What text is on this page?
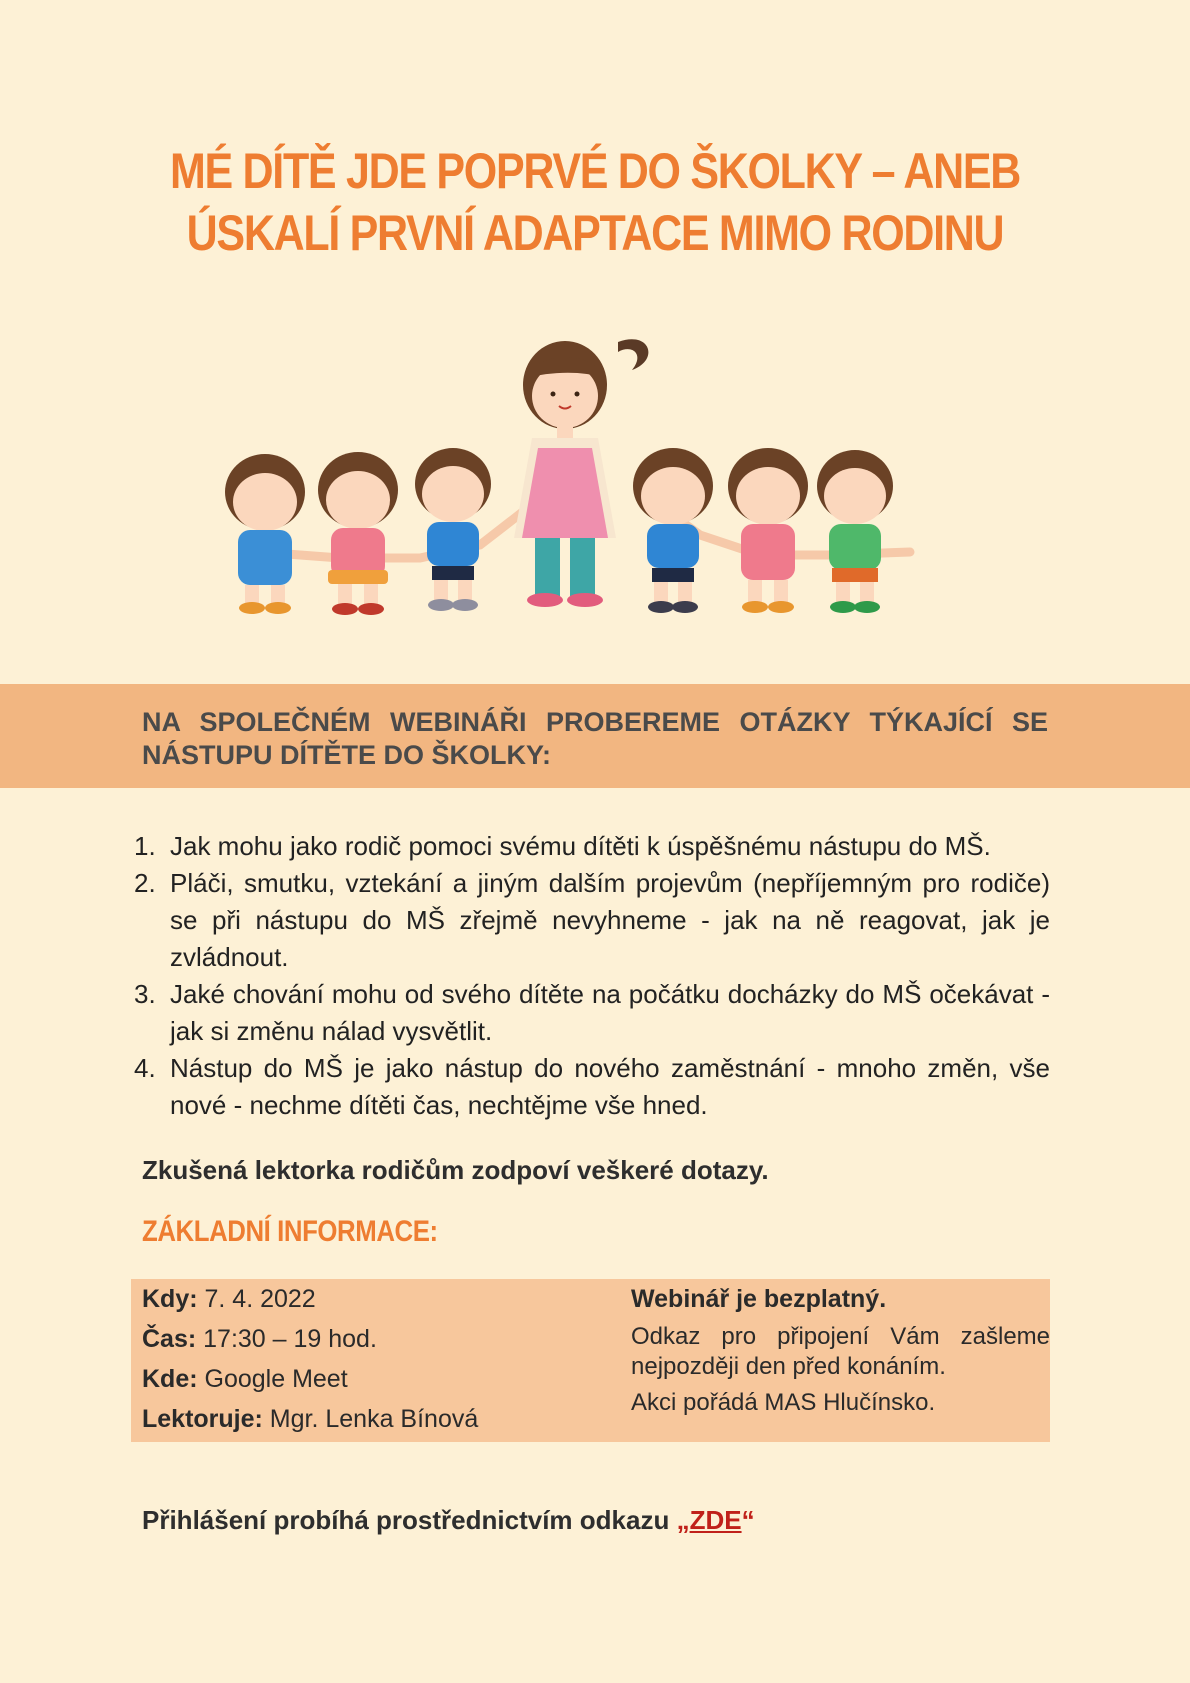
MÉ DÍTĚ JDE POPRVÉ DO ŠKOLKY – ANEB
ÚSKALÍ PRVNÍ ADAPTACE MIMO RODINU
NA SPOLEČNÉM WEBINÁŘI PROBEREME OTÁZKY TÝKAJÍCÍ SE NÁSTUPU DÍTĚTE DO ŠKOLKY:
1. Jak mohu jako rodič pomoci svému dítěti k úspěšnému nástupu do MŠ.
2. Pláči, smutku, vztekání a jiným dalším projevům (nepříjemným pro rodiče) se při nástupu do MŠ zřejmě nevyhneme - jak na ně reagovat, jak je zvládnout.
3. Jaké chování mohu od svého dítěte na počátku docházky do MŠ očekávat - jak si změnu nálad vysvětlit.
4. Nástup do MŠ je jako nástup do nového zaměstnání - mnoho změn, vše nové - nechme dítěti čas, nechtějme vše hned.
Zkušená lektorka rodičům zodpoví veškeré dotazy.
ZÁKLADNÍ INFORMACE:
Kdy: 7. 4. 2022
Čas: 17:30 – 19 hod.
Kde: Google Meet
Lektoruje: Mgr. Lenka Bínová
Webinář je bezplatný.
Odkaz pro připojení Vám zašleme nejpozději den před konáním.
Akci pořádá MAS Hlučínsko.
Přihlášení probíhá prostřednictvím odkazu „ZDE“
